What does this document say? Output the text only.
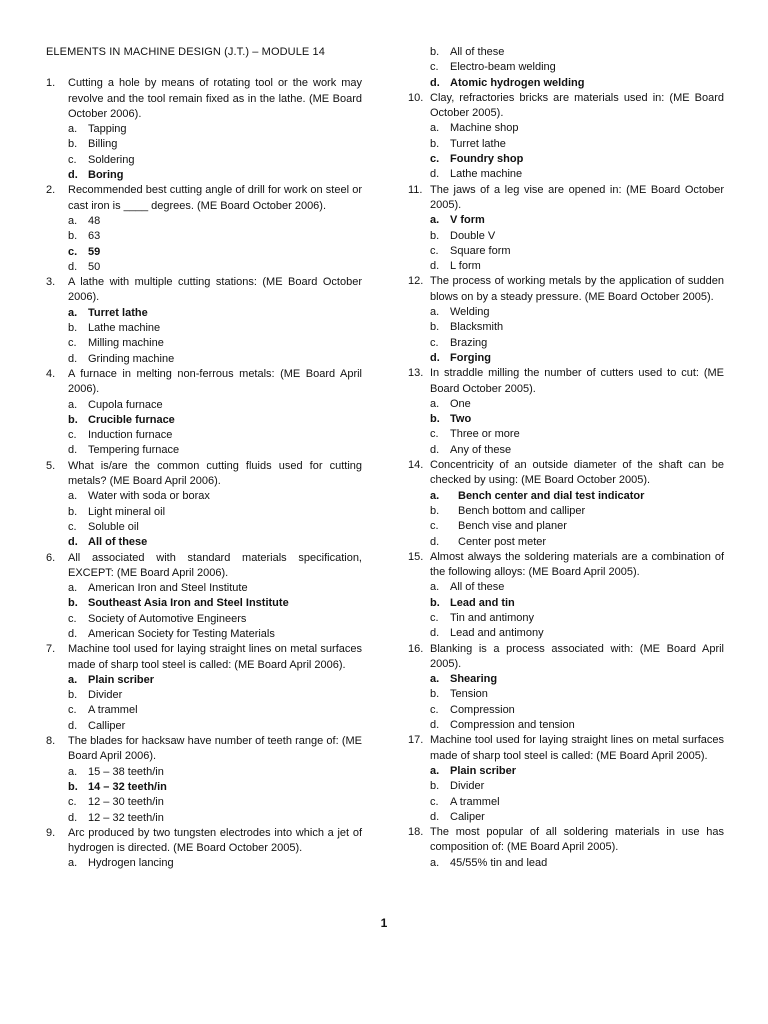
ELEMENTS IN MACHINE DESIGN (J.T.) – MODULE 14
1.	Cutting a hole by means of rotating tool or the work may revolve and the tool remain fixed as in the lathe. (ME Board October 2006).
a. Tapping
b. Billing
c.	Soldering
d. Boring
2.	Recommended best cutting angle of drill for work on steel or cast iron is ____ degrees. (ME Board October 2006).
a. 48
b. 63
c. 59
d. 50
3.	A lathe with multiple cutting stations: (ME Board October 2006).
a. Turret lathe
b. Lathe machine
c.	Milling machine
d. Grinding machine
4.	A furnace in melting non-ferrous metals: (ME Board April 2006).
a. Cupola furnace
b. Crucible furnace
c.	Induction furnace
d. Tempering furnace
5.	What is/are the common cutting fluids used for cutting metals? (ME Board April 2006).
a. Water with soda or borax
b. Light mineral oil
c.	Soluble oil
d. All of these
6.	All associated with standard materials specification, EXCEPT: (ME Board April 2006).
a. American Iron and Steel Institute
b. Southeast Asia Iron and Steel Institute
c.	Society of Automotive Engineers
d. American Society for Testing Materials
7.	Machine tool used for laying straight lines on metal surfaces made of sharp tool steel is called: (ME Board April 2006).
a. Plain scriber
b. Divider
c.	A trammel
d. Calliper
8.	The blades for hacksaw have number of teeth range of: (ME Board April 2006).
a. 15 – 38 teeth/in
b. 14 – 32 teeth/in
c.	12 – 30 teeth/in
d. 12 – 32 teeth/in
9.	Arc produced by two tungsten electrodes into which a jet of hydrogen is directed. (ME Board October 2005).
a. Hydrogen lancing
b. All of these
c.	Electro-beam welding
d. Atomic hydrogen welding
10. Clay, refractories bricks are materials used in: (ME Board October 2005).
a. Machine shop
b. Turret lathe
c. Foundry shop
d. Lathe machine
11. The jaws of a leg vise are opened in: (ME Board October 2005).
a. V form
b. Double V
c.	Square form
d. L form
12. The process of working metals by the application of sudden blows on by a steady pressure. (ME Board October 2005).
a. Welding
b. Blacksmith
c.	Brazing
d. Forging
13. In straddle milling the number of cutters used to cut: (ME Board October 2005).
a. One
b. Two
c.	Three or more
d. Any of these
14. Concentricity of an outside diameter of the shaft can be checked by using: (ME Board October 2005).
a.	Bench center and dial test indicator
b.	Bench bottom and calliper
c.	Bench vise and planer
d.	Center post meter
15. Almost always the soldering materials are a combination of the following alloys: (ME Board April 2005).
a. All of these
b. Lead and tin
c.	Tin and antimony
d. Lead and antimony
16. Blanking is a process associated with: (ME Board April 2005).
a. Shearing
b. Tension
c.	Compression
d. Compression and tension
17. Machine tool used for laying straight lines on metal surfaces made of sharp tool steel is called: (ME Board April 2005).
a. Plain scriber
b. Divider
c.	A trammel
d. Caliper
18. The most popular of all soldering materials in use has composition of: (ME Board April 2005).
a. 45/55% tin and lead
1
